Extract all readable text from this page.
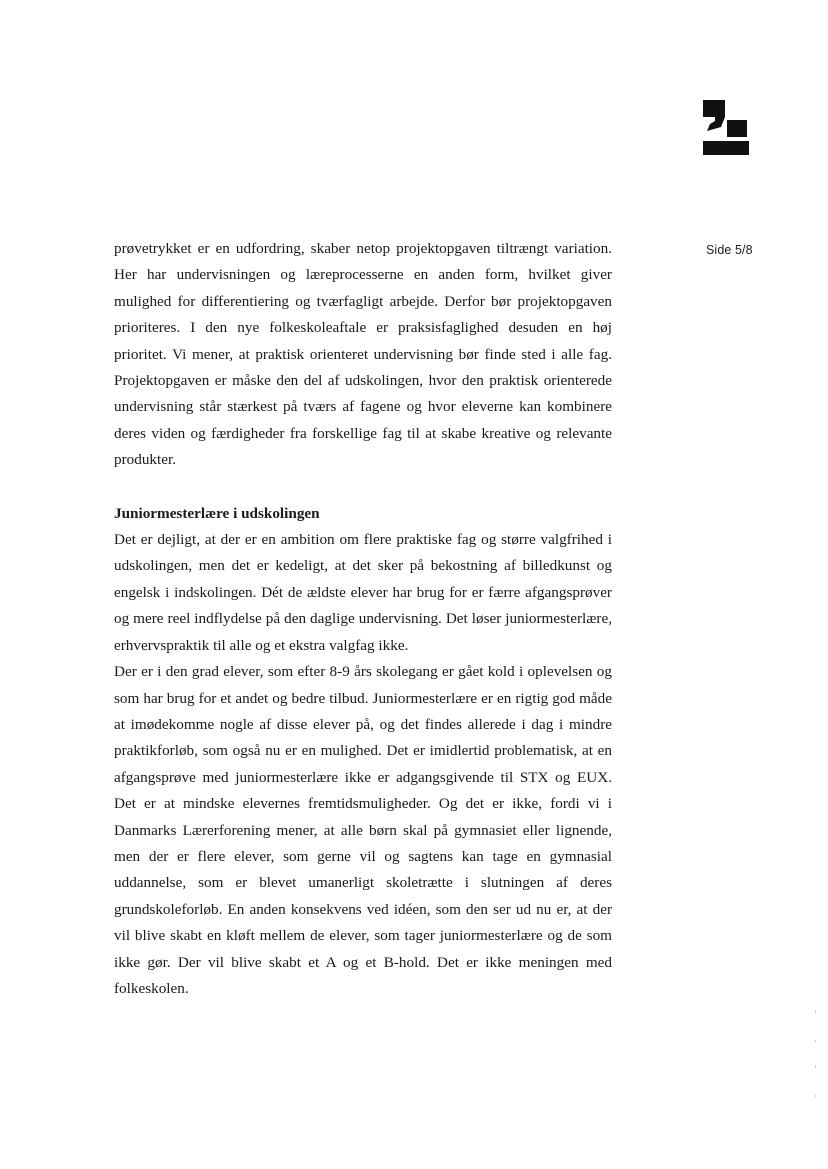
Side 5/8

prøvetrykket er en udfordring, skaber netop projektopgaven tiltrængt variation. Her har undervisningen og læreprocesserne en anden form, hvilket giver mulighed for differentiering og tværfagligt arbejde. Derfor bør projektopgaven prioriteres. I den nye folkeskoleaftale er praksisfaglighed desuden en høj prioritet. Vi mener, at praktisk orienteret undervisning bør finde sted i alle fag. Projektopgaven er måske den del af udskolingen, hvor den praktisk orienterede undervisning står stærkest på tværs af fagene og hvor eleverne kan kombinere deres viden og færdigheder fra forskellige fag til at skabe kreative og relevante produkter.

Juniormesterlære i udskolingen

Det er dejligt, at der er en ambition om flere praktiske fag og større valgfrihed i udskolingen, men det er kedeligt, at det sker på bekostning af billedkunst og engelsk i indskolingen. Dét de ældste elever har brug for er færre afgangsprøver og mere reel indflydelse på den daglige undervisning. Det løser juniormesterlære, erhvervspraktik til alle og et ekstra valgfag ikke.

Der er i den grad elever, som efter 8-9 års skolegang er gået kold i oplevelsen og som har brug for et andet og bedre tilbud. Juniormesterlære er en rigtig god måde at imødekomme nogle af disse elever på, og det findes allerede i dag i mindre praktikforløb, som også nu er en mulighed. Det er imidlertid problematisk, at en afgangsprøve med juniormesterlære ikke er adgangsgivende til STX og EUX. Det er at mindske elevernes fremtidsmuligheder. Og det er ikke, fordi vi i Danmarks Lærerforening mener, at alle børn skal på gymnasiet eller lignende, men der er flere elever, som gerne vil og sagtens kan tage en gymnasial uddannelse, som er blevet umanerligt skoletrætte i slutningen af deres grundskoleforløb. En anden konsekvens ved idéen, som den ser ud nu er, at der vil blive skabt en kløft mellem de elever, som tager juniormesterlære og de som ikke gør. Der vil blive skabt et A og et B-hold. Det er ikke meningen med folkeskolen.
